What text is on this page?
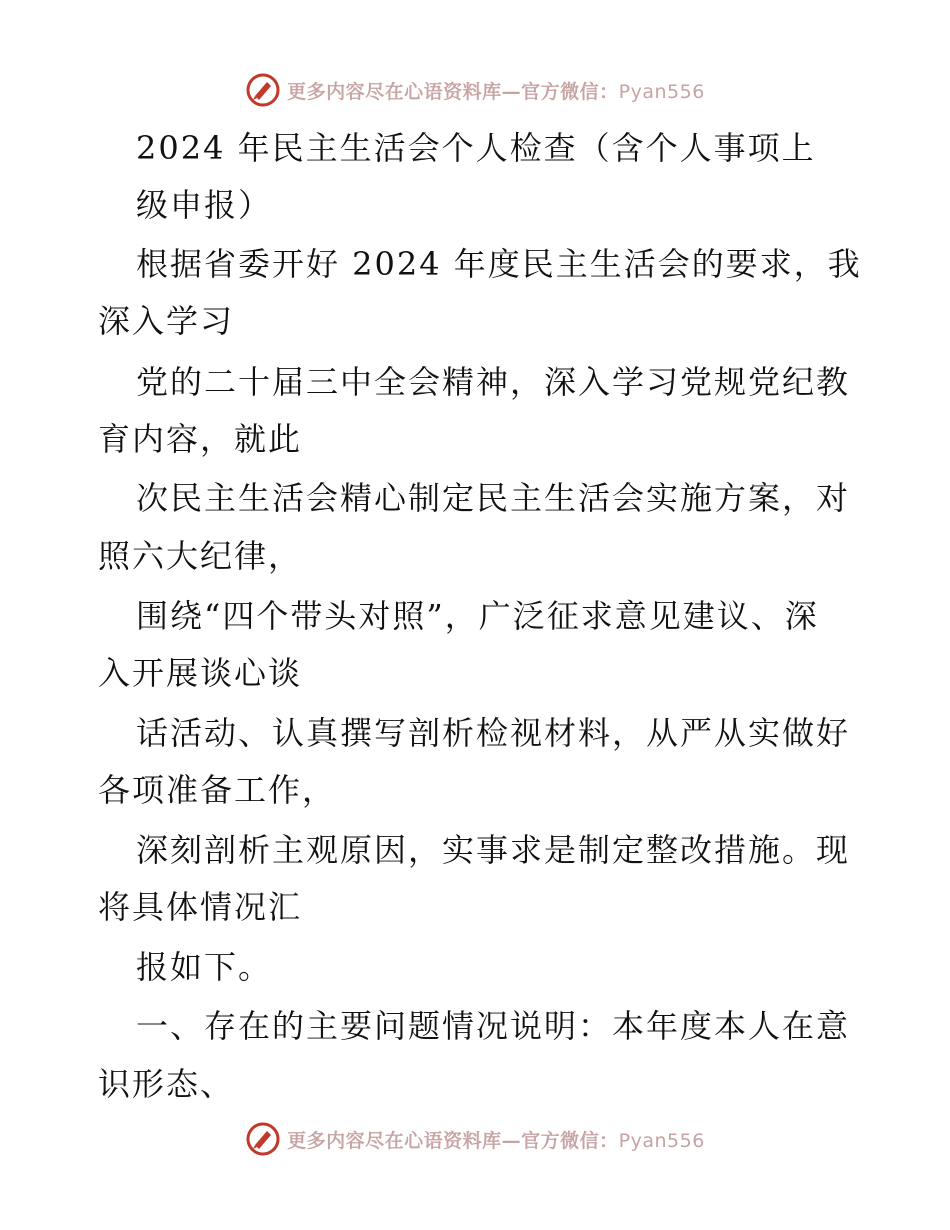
更多内容尽在心语资料库—官方微信：Pyan556
2024 年民主生活会个人检查（含个人事项上
级申报）
根据省委开好 2024 年度民主生活会的要求，我
深入学习
党的二十届三中全会精神，深入学习党规党纪教
育内容，就此
次民主生活会精心制定民主生活会实施方案，对
照六大纪律，
围绕“四个带头对照”，广泛征求意见建议、深
入开展谈心谈
话活动、认真撰写剖析检视材料，从严从实做好
各项准备工作，
深刻剖析主观原因，实事求是制定整改措施。现
将具体情况汇
报如下。
一、存在的主要问题情况说明：本年度本人在意
识形态、
更多内容尽在心语资料库—官方微信：Pyan556
